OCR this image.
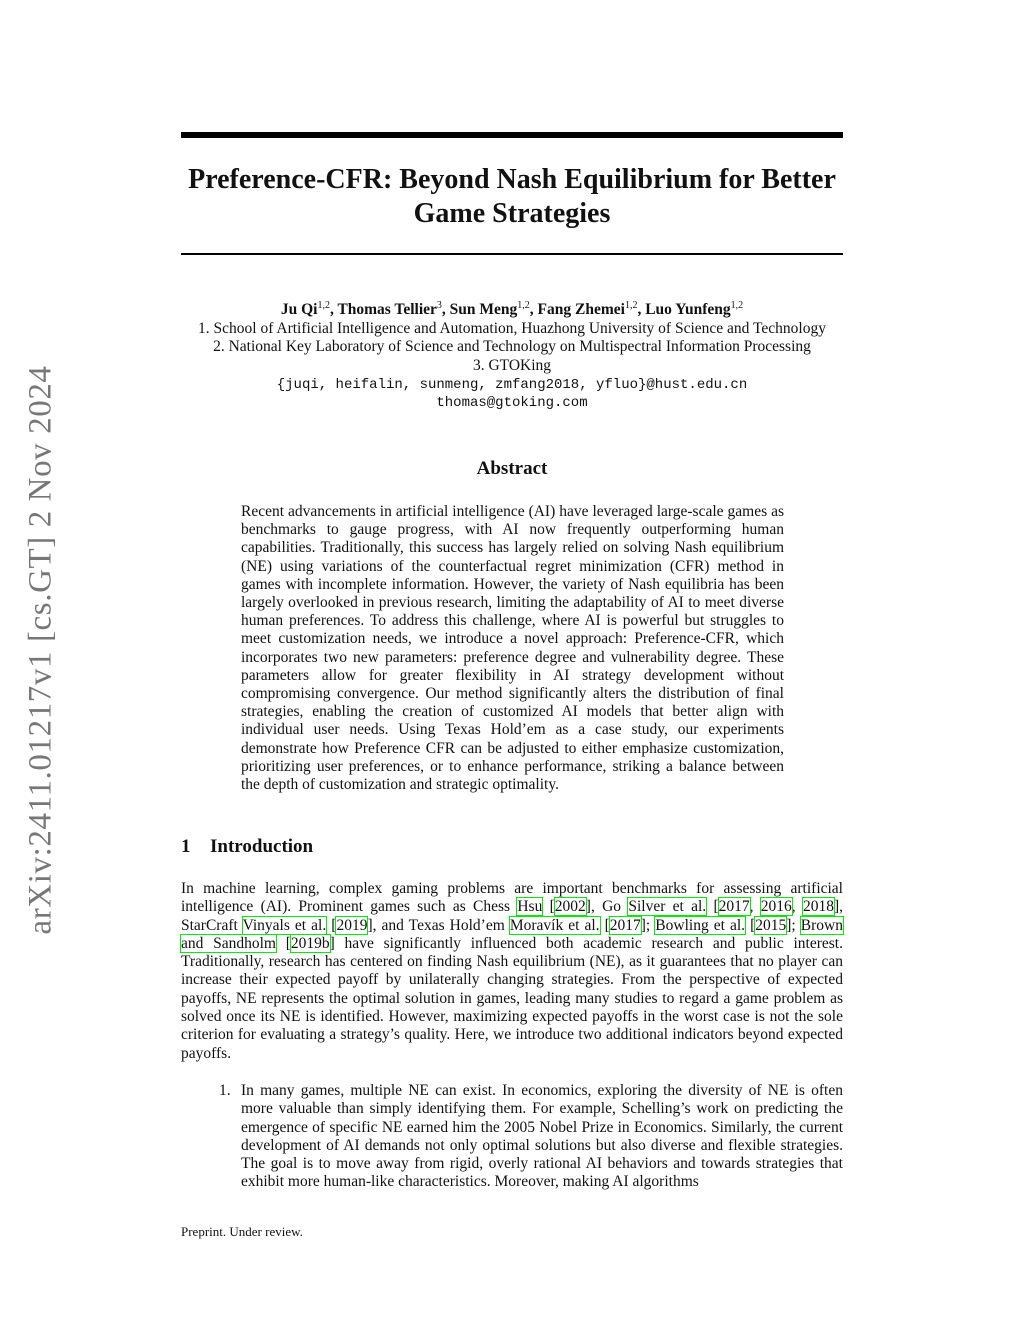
arXiv:2411.01217v1 [cs.GT] 2 Nov 2024
Preference-CFR: Beyond Nash Equilibrium for Better
Game Strategies
Ju Qi$^{1,2}$, Thomas Tellier$^3$, Sun Meng$^{1,2}$, Fang Zhemei$^{1,2}$, Luo Yunfeng$^{1,2}$
1. School of Artificial Intelligence and Automation, Huazhong University of Science and Technology
2. National Key Laboratory of Science and Technology on Multispectral Information Processing
3. GTOKing
{juqi, heifalin, sunmeng, zmfang2018, yfluo}@hust.edu.cn
thomas@gtoking.com
Abstract
Recent advancements in artificial intelligence (AI) have leveraged large-scale games as benchmarks to gauge progress, with AI now frequently outperforming human capabilities. Traditionally, this success has largely relied on solving Nash equilibrium (NE) using variations of the counterfactual regret minimization (CFR) method in games with incomplete information. However, the variety of Nash equilibria has been largely overlooked in previous research, limiting the adaptability of AI to meet diverse human preferences. To address this challenge, where AI is powerful but struggles to meet customization needs, we introduce a novel approach: Preference-CFR, which incorporates two new parameters: preference degree and vulnerability degree. These parameters allow for greater flexibility in AI strategy development without compromising convergence. Our method significantly alters the distribution of final strategies, enabling the creation of customized AI models that better align with individual user needs. Using Texas Hold’em as a case study, our experiments demonstrate how Preference CFR can be adjusted to either emphasize customization, prioritizing user preferences, or to enhance performance, striking a balance between the depth of customization and strategic optimality.
1 Introduction
In machine learning, complex gaming problems are important benchmarks for assessing artificial intelligence (AI). Prominent games such as Chess Hsu [2002], Go Silver et al. [2017, 2016, 2018], StarCraft Vinyals et al. [2019], and Texas Hold’em Moravík et al. [2017]; Bowling et al. [2015]; Brown and Sandholm [2019b] have significantly influenced both academic research and public interest. Traditionally, research has centered on finding Nash equilibrium (NE), as it guarantees that no player can increase their expected payoff by unilaterally changing strategies. From the perspective of expected payoffs, NE represents the optimal solution in games, leading many studies to regard a game problem as solved once its NE is identified. However, maximizing expected payoffs in the worst case is not the sole criterion for evaluating a strategy’s quality. Here, we introduce two additional indicators beyond expected payoffs.
1. In many games, multiple NE can exist. In economics, exploring the diversity of NE is often more valuable than simply identifying them. For example, Schelling’s work on predicting the emergence of specific NE earned him the 2005 Nobel Prize in Economics. Similarly, the current development of AI demands not only optimal solutions but also diverse and flexible strategies. The goal is to move away from rigid, overly rational AI behaviors and towards strategies that exhibit more human-like characteristics. Moreover, making AI algorithms
Preprint. Under review.
